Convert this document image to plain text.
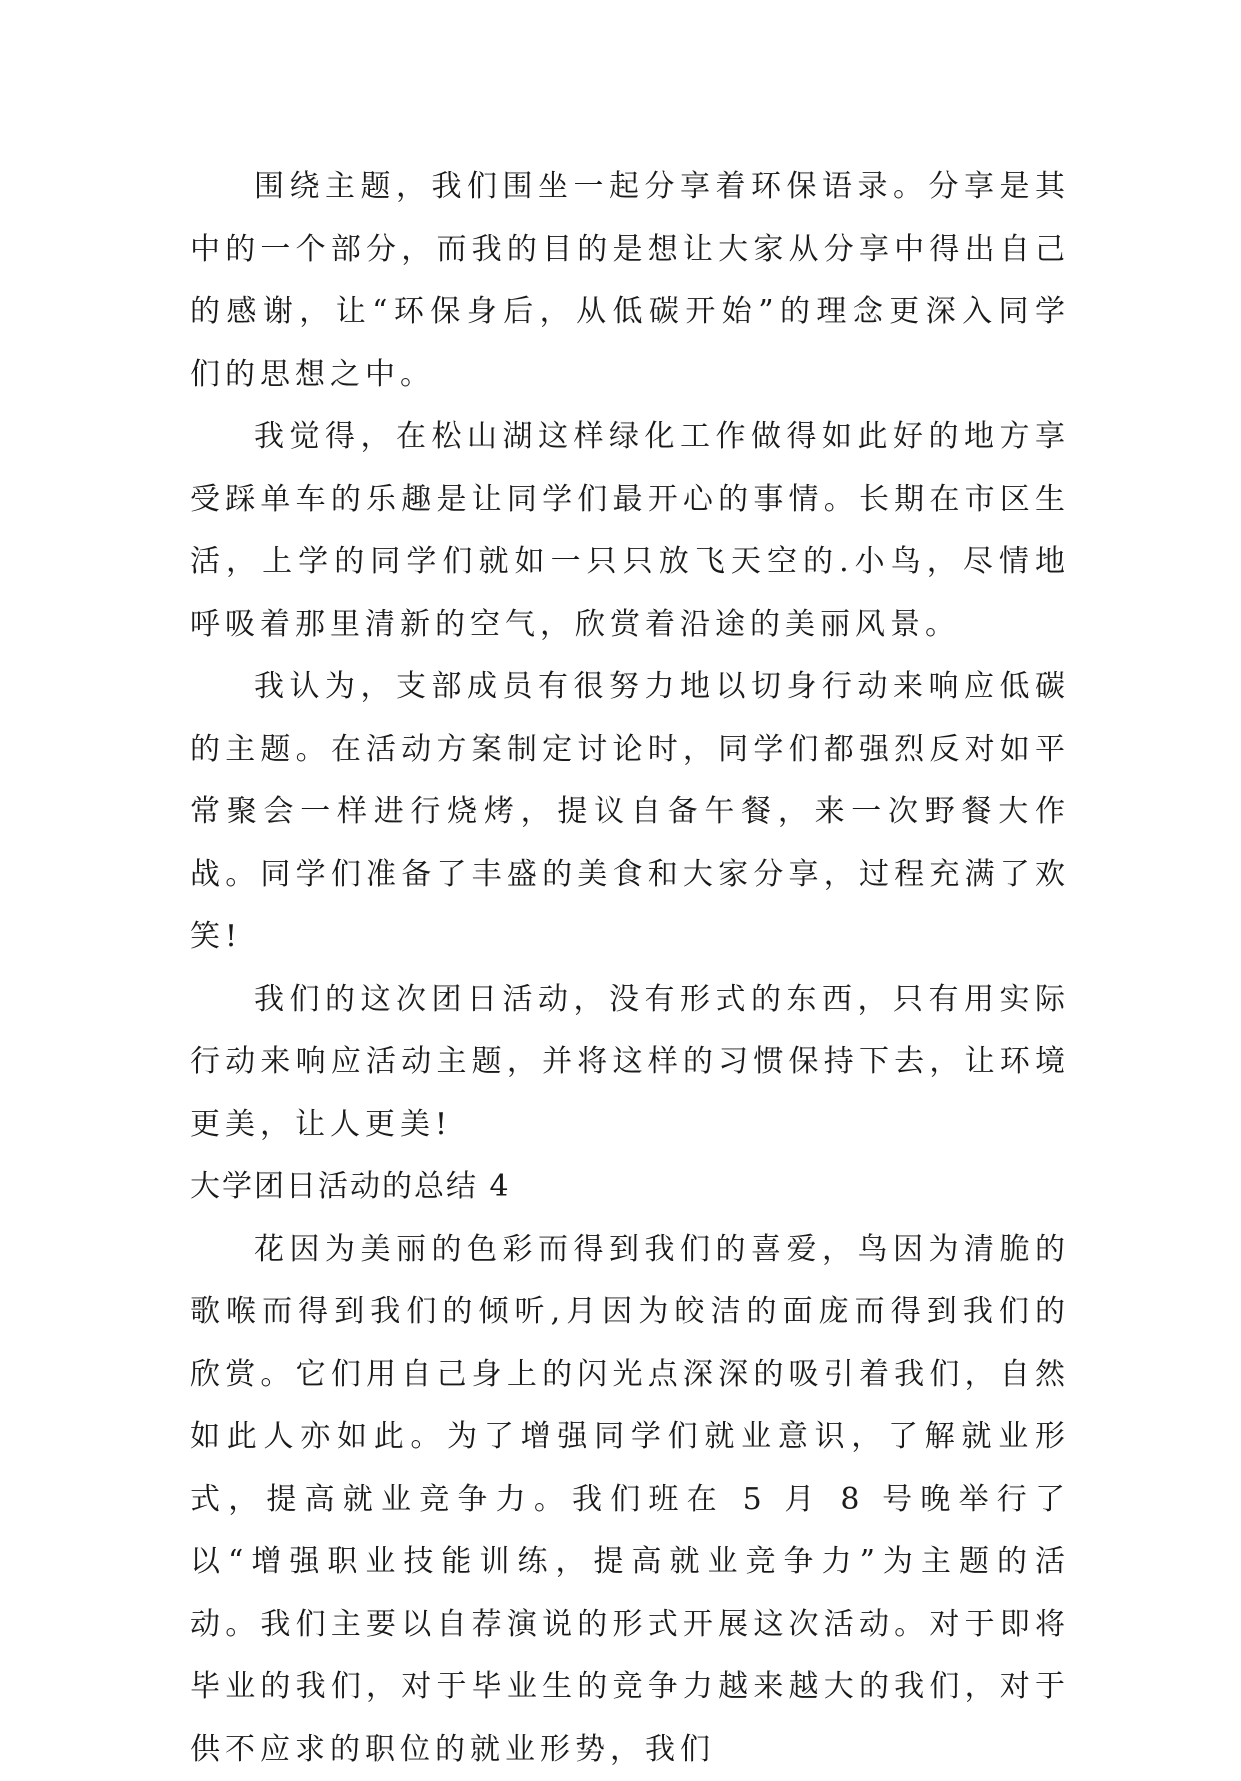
围绕主题，我们围坐一起分享着环保语录。分享是其中的一个部分，而我的目的是想让大家从分享中得出自己的感谢，让“环保身后，从低碳开始”的理念更深入同学们的思想之中。

我觉得，在松山湖这样绿化工作做得如此好的地方享受踩单车的乐趣是让同学们最开心的事情。长期在市区生活，上学的同学们就如一只只放飞天空的.小鸟，尽情地呼吸着那里清新的空气，欣赏着沿途的美丽风景。

我认为，支部成员有很努力地以切身行动来响应低碳的主题。在活动方案制定讨论时，同学们都强烈反对如平常聚会一样进行烧烤，提议自备午餐，来一次野餐大作战。同学们准备了丰盛的美食和大家分享，过程充满了欢笑!

我们的这次团日活动，没有形式的东西，只有用实际行动来响应活动主题，并将这样的习惯保持下去，让环境更美，让人更美!

大学团日活动的总结 4

花因为美丽的色彩而得到我们的喜爱，鸟因为清脆的歌喉而得到我们的倾听,月因为皎洁的面庞而得到我们的欣赏。它们用自己身上的闪光点深深的吸引着我们，自然如此人亦如此。为了增强同学们就业意识，了解就业形式，提高就业竞争力。我们班在 5 月 8 号晚举行了以“增强职业技能训练，提高就业竞争力”为主题的活动。我们主要以自荐演说的形式开展这次活动。对于即将毕业的我们，对于毕业生的竞争力越来越大的我们，对于供不应求的职位的就业形势，我们
